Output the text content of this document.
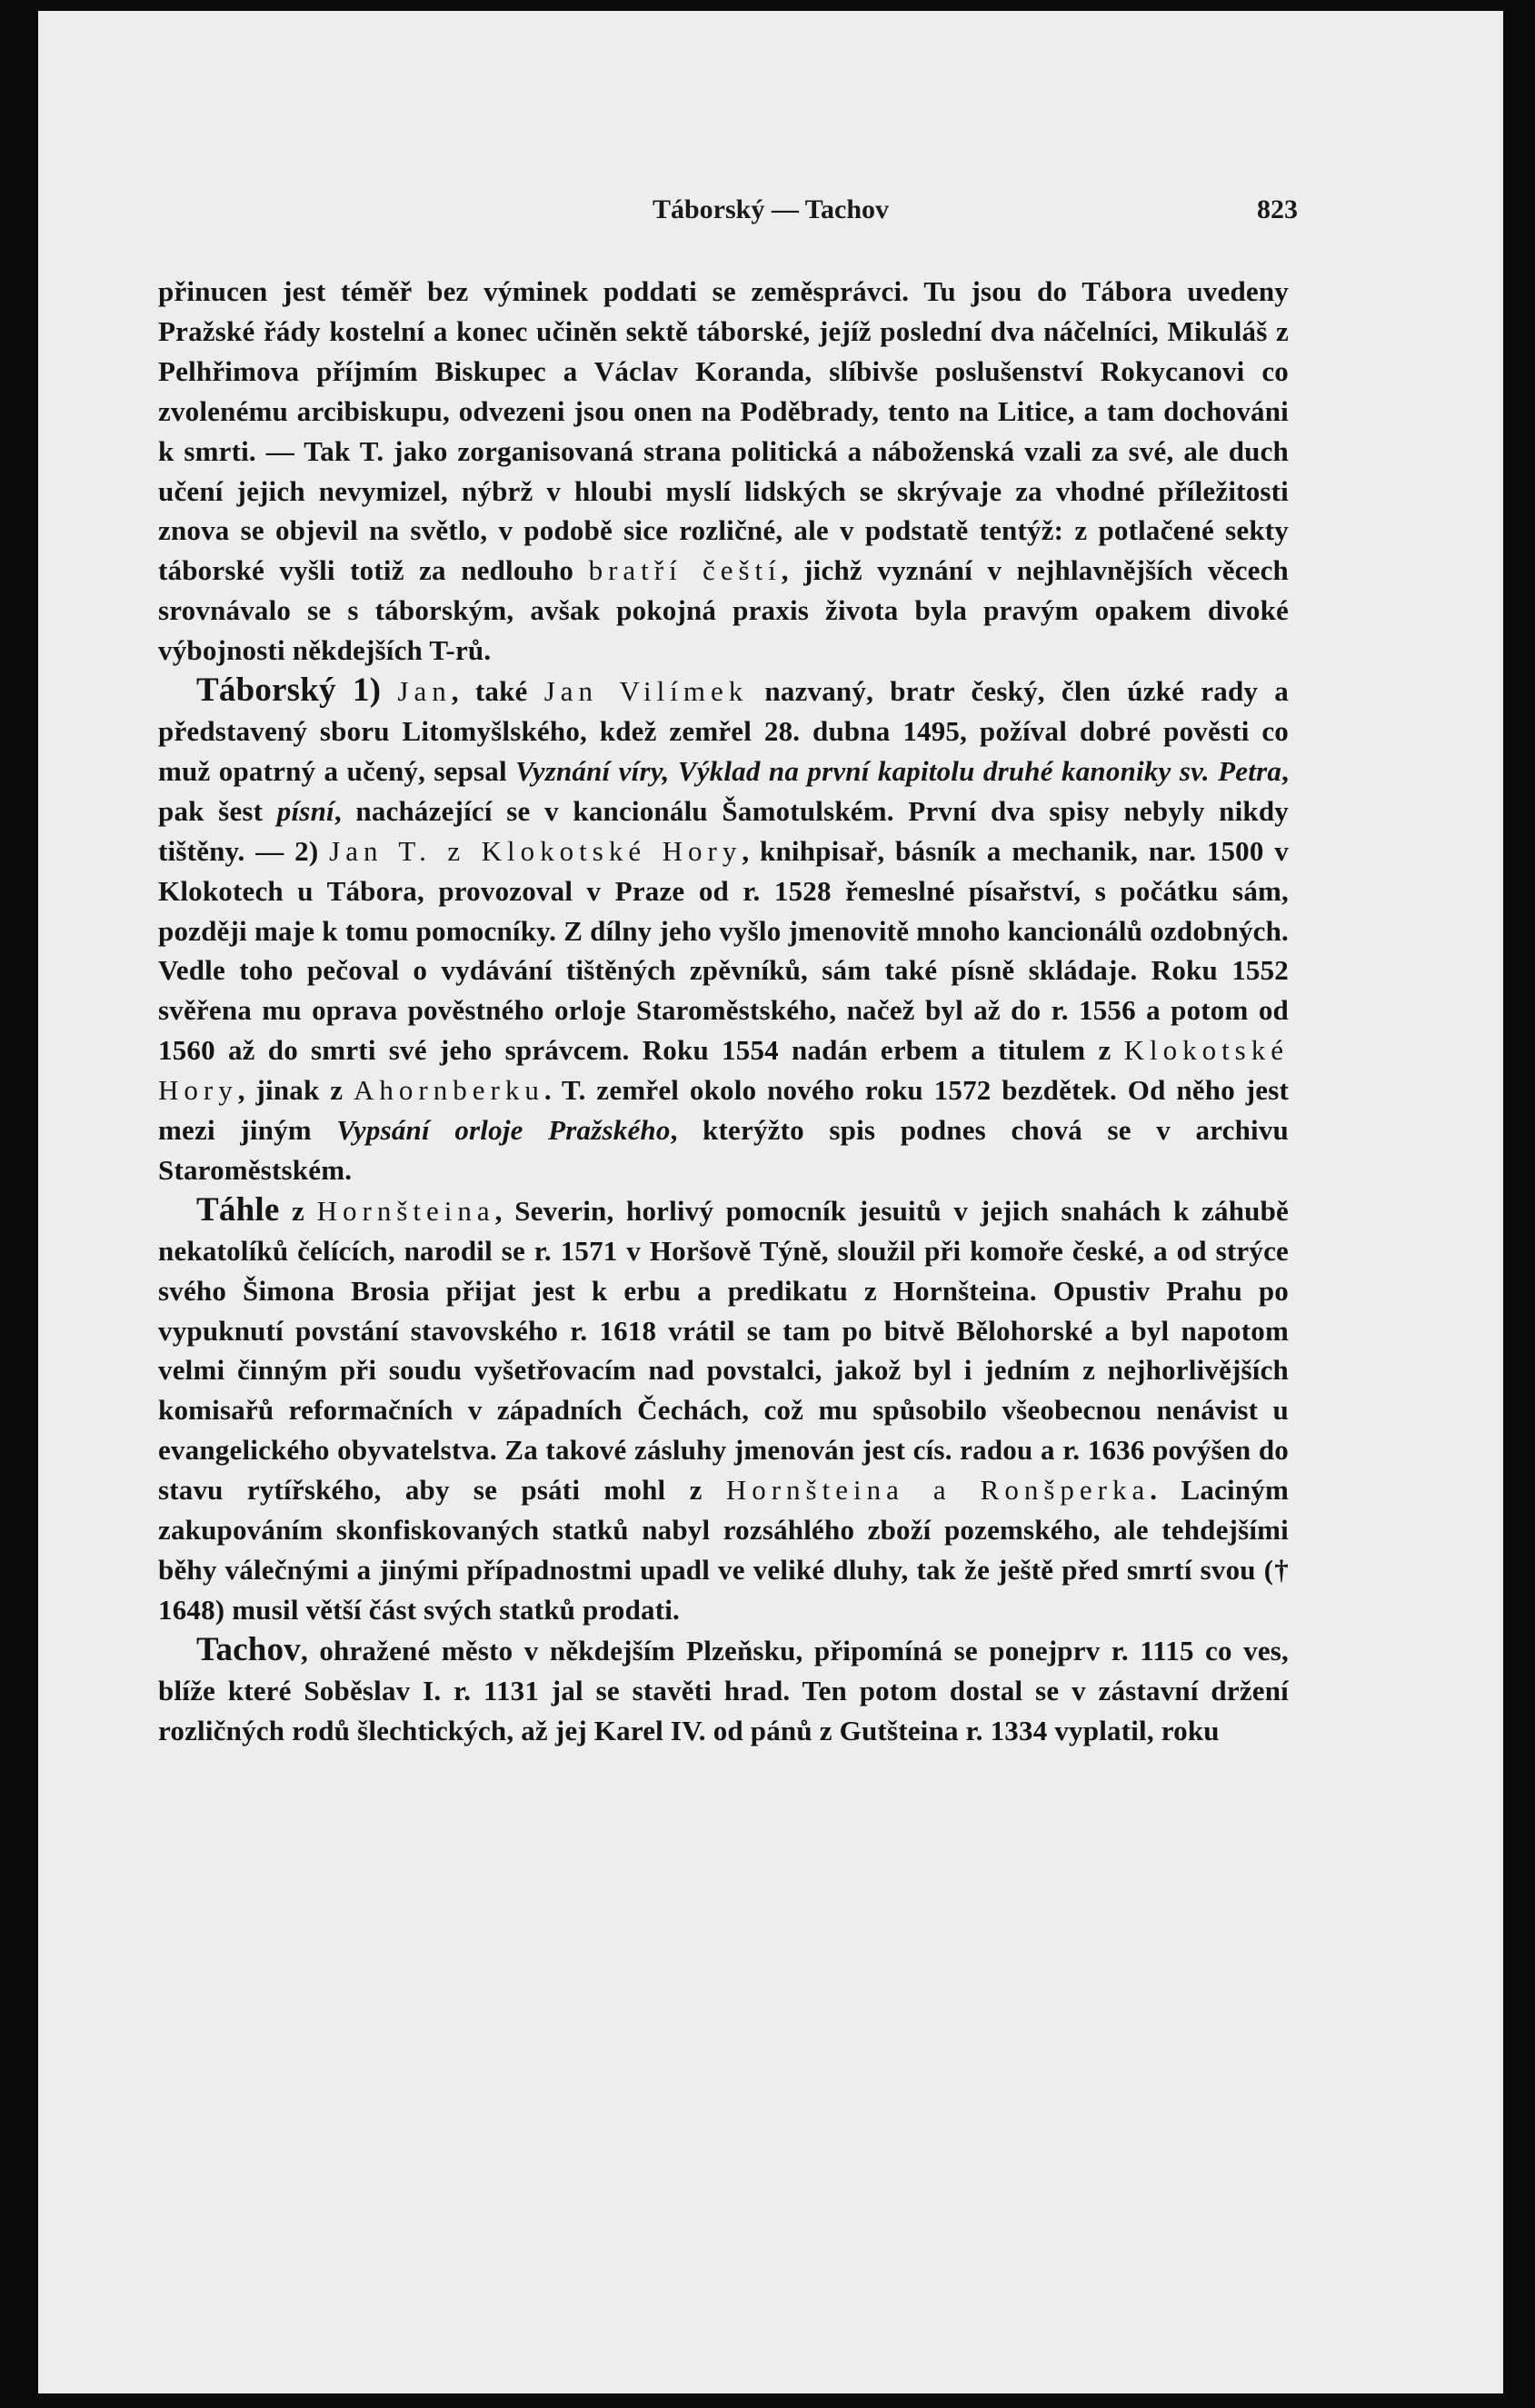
Táborský — Tachov	823

přinucen jest téměř bez výminek poddati se zeměsprávci. Tu jsou do Tábora uvedeny Pražské řády kostelní a konec učiněn sektě táborské, jejíž poslední dva náčelníci, Mikuláš z Pelhřimova příjmím Biskupec a Václav Koranda, slíbivše poslušenství Rokycanovi co zvolenému arcibiskupu, odvezeni jsou onen na Poděbrady, tento na Litice, a tam dochováni k smrti. — Tak T. jako zorganisovaná strana politická a náboženská vzali za své, ale duch učení jejich nevymizel, nýbrž v hloubi myslí lidských se skrývaje za vhodné příležitosti znova se objevil na světlo, v podobě sice rozličné, ale v podstatě tentýž: z potlačené sekty táborské vyšli totiž za nedlouho bratří čeští, jichž vyznání v nejhlavnějších věcech srovnávalo se s táborským, avšak pokojná praxis života byla pravým opakem divoké výbojnosti někdejších T-rů.

Táborský 1) Jan, také Jan Vilímek nazvaný, bratr český, člen úzké rady a představený sboru Litomyšlského, kdež zemřel 28. dubna 1495, požíval dobré pověsti co muž opatrný a učený, sepsal Vyznání víry, Výklad na první kapitolu druhé kanoniky sv. Petra, pak šest písní, nacházející se v kancionálu Šamotulském. První dva spisy nebyly nikdy tištěny. — 2) Jan T. z Klokotské Hory, knihpisař, básník a mechanik, nar. 1500 v Klokotech u Tábora, provozoval v Praze od r. 1528 řemeslné písařství, s počátku sám, později maje k tomu pomocníky. Z dílny jeho vyšlo jmenovitě mnoho kancionálů ozdobných. Vedle toho pečoval o vydávání tištěných zpěvníků, sám také písně skládaje. Roku 1552 svěřena mu oprava pověstného orloje Staroměstského, načež byl až do r. 1556 a potom od 1560 až do smrti své jeho správcem. Roku 1554 nadán erbem a titulem z Klokotské Hory, jinak z Ahornberku. T. zemřel okolo nového roku 1572 bezdětek. Od něho jest mezi jiným Vypsání orloje Pražského, kterýžto spis podnes chová se v archivu Staroměstském.

Táhle z Hornšteina, Severin, horlivý pomocník jesuitů v jejich snahách k záhubě nekatolíků čelících, narodil se r. 1571 v Horšově Týně, sloužil při komoře české, a od strýce svého Šimona Brosia přijat jest k erbu a predikatu z Hornšteina. Opustiv Prahu po vypuknutí povstání stavovského r. 1618 vrátil se tam po bitvě Bělohorské a byl napotom velmi činným při soudu vyšetřovacím nad povstalci, jakož byl i jedním z nejhorlivějších komisařů reformačních v západních Čechách, což mu spůsobilo všeobecnou nenávist u evangelického obyvatelstva. Za takové zásluhy jmenován jest cís. radou a r. 1636 povýšen do stavu rytířského, aby se psáti mohl z Hornšteina a Ronšperka. Laciným zakupováním skonfiskovaných statků nabyl rozsáhlého zboží pozemského, ale tehdejšími běhy válečnými a jinými případnostmi upadl ve veliké dluhy, tak že ještě před smrtí svou († 1648) musil větší část svých statků prodati.

Tachov, ohražené město v někdejším Plzeňsku, připomíná se ponejprv r. 1115 co ves, blíže které Soběslav I. r. 1131 jal se stavěti hrad. Ten potom dostal se v zástavní držení rozličných rodů šlechtických, až jej Karel IV. od pánů z Gutšteina r. 1334 vyplatil, roku
